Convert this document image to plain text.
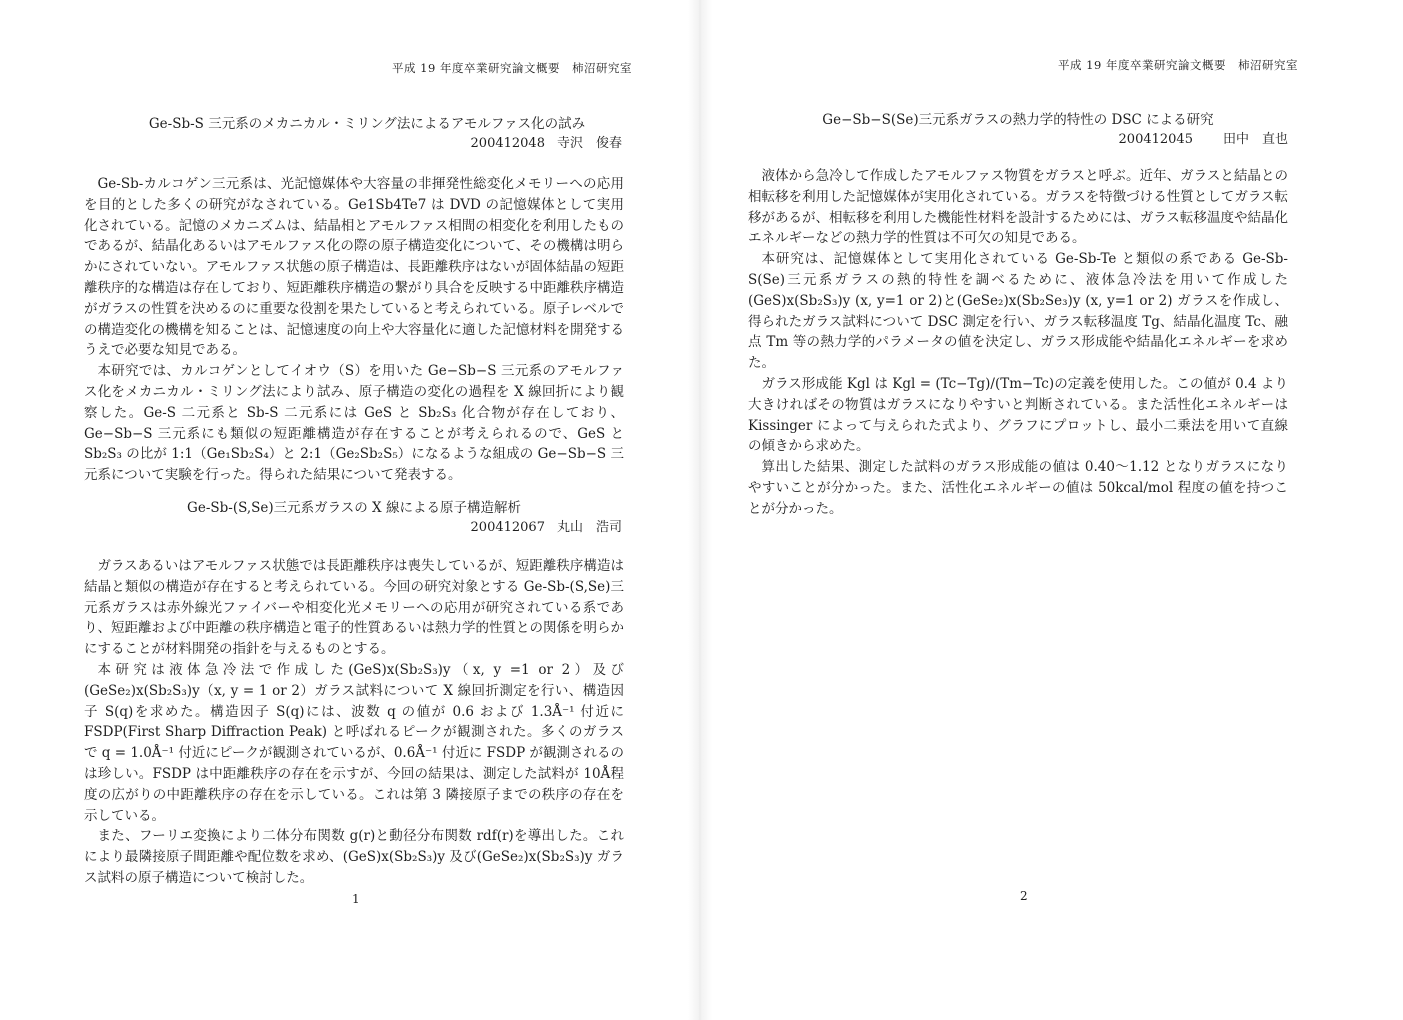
平成 19 年度卒業研究論文概要　柿沼研究室
Ge-Sb-S 三元系のメカニカル・ミリング法によるアモルファス化の試み
200412048 寺沢　俊春

Ge-Sb-カルコゲン三元系は、光記憶媒体や大容量の非揮発性総変化メモリーへの応用を目的とした多くの研究がなされている。Ge1Sb4Te7 は DVD の記憶媒体として実用化されている。記憶のメカニズムは、結晶相とアモルファス相間の相変化を利用したものであるが、結晶化あるいはアモルファス化の際の原子構造変化について、その機構は明らかにされていない。アモルファス状態の原子構造は、長距離秩序はないが固体結晶の短距離秩序的な構造は存在しており、短距離秩序構造の繋がり具合を反映する中距離秩序構造がガラスの性質を決めるのに重要な役割を果たしていると考えられている。原子レベルでの構造変化の機構を知ることは、記憶速度の向上や大容量化に適した記憶材料を開発するうえで必要な知見である。

本研究では、カルコゲンとしてイオウ（S）を用いた Ge−Sb−S 三元系のアモルファス化をメカニカル・ミリング法により試み、原子構造の変化の過程を X 線回折により観察した。Ge-S 二元系と Sb-S 二元系には GeS と Sb₂S₃ 化合物が存在しており、Ge−Sb−S 三元系にも類似の短距離構造が存在することが考えられるので、GeS と Sb₂S₃ の比が 1:1（Ge₁Sb₂S₄）と 2:1（Ge₂Sb₂S₅）になるような組成の Ge−Sb−S 三元系について実験を行った。得られた結果について発表する。

Ge-Sb-(S,Se)三元系ガラスの X 線による原子構造解析
200412067 丸山　浩司

ガラスあるいはアモルファス状態では長距離秩序は喪失しているが、短距離秩序構造は結晶と類似の構造が存在すると考えられている。今回の研究対象とする Ge-Sb-(S,Se)三元系ガラスは赤外線光ファイバーや相変化光メモリーへの応用が研究されている系であり、短距離および中距離の秩序構造と電子的性質あるいは熱力学的性質との関係を明らかにすることが材料開発の指針を与えるものとする。

本研究は液体急冷法で作成した(GeS)x(Sb₂S₃)y（x, y =1 or 2）及び(GeSe₂)x(Sb₂S₃)y（x, y = 1 or 2）ガラス試料について X 線回折測定を行い、構造因子 S(q)を求めた。構造因子 S(q)には、波数 q の値が 0.6 および 1.3Å⁻¹ 付近に FSDP(First Sharp Diffraction Peak) と呼ばれるピークが観測された。多くのガラスで q = 1.0Å⁻¹ 付近にピークが観測されているが、0.6Å⁻¹ 付近に FSDP が観測されるのは珍しい。FSDP は中距離秩序の存在を示すが、今回の結果は、測定した試料が 10Å程度の広がりの中距離秩序の存在を示している。これは第 3 隣接原子までの秩序の存在を示している。

また、フーリエ変換により二体分布関数 g(r)と動径分布関数 rdf(r)を導出した。これにより最隣接原子間距離や配位数を求め、(GeS)x(Sb₂S₃)y 及び(GeSe₂)x(Sb₂S₃)y ガラス試料の原子構造について検討した。

1
平成 19 年度卒業研究論文概要　柿沼研究室
Ge−Sb−S(Se)三元系ガラスの熱力学的特性の DSC による研究
200412045 田中　直也

液体から急冷して作成したアモルファス物質をガラスと呼ぶ。近年、ガラスと結晶との相転移を利用した記憶媒体が実用化されている。ガラスを特徴づける性質としてガラス転移があるが、相転移を利用した機能性材料を設計するためには、ガラス転移温度や結晶化エネルギーなどの熱力学的性質は不可欠の知見である。

本研究は、記憶媒体として実用化されている Ge-Sb-Te と類似の系である Ge-Sb-S(Se)三元系ガラスの熱的特性を調べるために、液体急冷法を用いて作成した(GeS)x(Sb₂S₃)y (x, y=1 or 2)と(GeSe₂)x(Sb₂Se₃)y (x, y=1 or 2) ガラスを作成し、得られたガラス試料について DSC 測定を行い、ガラス転移温度 Tg、結晶化温度 Tc、融点 Tm 等の熱力学的パラメータの値を決定し、ガラス形成能や結晶化エネルギーを求めた。

ガラス形成能 Kgl は Kgl = (Tc−Tg)/(Tm−Tc)の定義を使用した。この値が 0.4 より大きければその物質はガラスになりやすいと判断されている。また活性化エネルギーは Kissinger によって与えられた式より、グラフにプロットし、最小二乗法を用いて直線の傾きから求めた。

算出した結果、測定した試料のガラス形成能の値は 0.40〜1.12 となりガラスになりやすいことが分かった。また、活性化エネルギーの値は 50kcal/mol 程度の値を持つことが分かった。

2
